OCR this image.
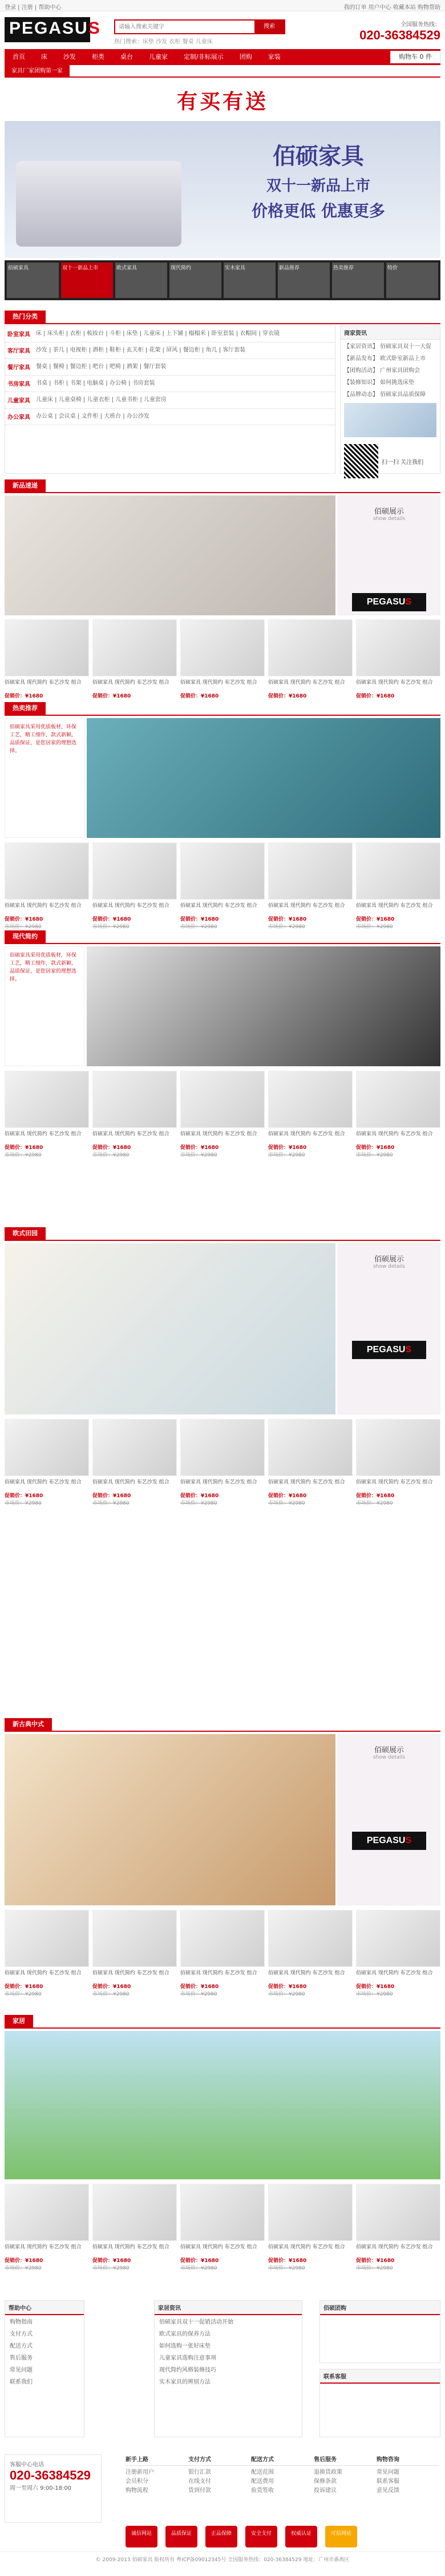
登录 | 注册 | 帮助中心	我的订单 用户中心 收藏本站 购物帮助
PEGASUS
请输入搜索关键字	搜索
热门搜索：床垫 沙发 衣柜 餐桌 儿童床
全国服务热线：
020-36384529
首页	床	沙发	柜类	桌台	儿童家	定制/非标展示	团购	家装	购物车 0 件
家具厂家团购第一家
有买有送
佰硕家具
双十一新品上市
价格更低 优惠更多
佰硕家具	双十一新品上市	欧式家具	现代简约	实木家具	新品推荐	热卖推荐	特价
热门分类
卧室家具	床 | 床头柜 | 衣柜 | 梳妆台 | 斗柜 | 床垫 | 儿童床 | 上下铺 | 榻榻米 | 卧室套装 | 衣帽间 | 穿衣镜
客厅家具	沙发 | 茶几 | 电视柜 | 酒柜 | 鞋柜 | 玄关柜 | 花架 | 屏风 | 餐边柜 | 角几 | 客厅套装
餐厅家具	餐桌 | 餐椅 | 餐边柜 | 吧台 | 吧椅 | 酒架 | 餐厅套装
书房家具	书桌 | 书柜 | 书架 | 电脑桌 | 办公椅 | 书房套装
儿童家具	儿童床 | 儿童桌椅 | 儿童衣柜 | 儿童书柜 | 儿童套房
办公家具	办公桌 | 会议桌 | 文件柜 | 大班台 | 办公沙发
商家资讯
【家居资讯】 佰硕家具双十一大促
【新品发布】 欧式卧室新品上市
【团购活动】 广州家具团购会
【装修知识】 如何挑选床垫
【品牌动态】 佰硕家具品质保障
扫一扫 关注我们
新品速递
佰硕展示
show details
PEGASUS
佰硕家具 现代简约 布艺沙发 组合
促销价：¥1680
佰硕家具 现代简约 布艺沙发 组合
促销价：¥1680
佰硕家具 现代简约 布艺沙发 组合
促销价：¥1680
佰硕家具 现代简约 布艺沙发 组合
促销价：¥1680
佰硕家具 现代简约 布艺沙发 组合
促销价：¥1680
热卖推荐
佰硕家具采用优质板材，环保工艺，精工细作，款式新颖，品质保证，是您居家的理想选择。
佰硕家具 现代简约 布艺沙发 组合
促销价：¥1680
市场价：¥2980
佰硕家具 现代简约 布艺沙发 组合
促销价：¥1680
市场价：¥2980
佰硕家具 现代简约 布艺沙发 组合
促销价：¥1680
市场价：¥2980
佰硕家具 现代简约 布艺沙发 组合
促销价：¥1680
市场价：¥2980
佰硕家具 现代简约 布艺沙发 组合
促销价：¥1680
市场价：¥2980
现代简约
佰硕家具采用优质板材，环保工艺，精工细作，款式新颖，品质保证，是您居家的理想选择。
佰硕家具 现代简约 布艺沙发 组合
促销价：¥1680
市场价：¥2980
佰硕家具 现代简约 布艺沙发 组合
促销价：¥1680
市场价：¥2980
佰硕家具 现代简约 布艺沙发 组合
促销价：¥1680
市场价：¥2980
佰硕家具 现代简约 布艺沙发 组合
促销价：¥1680
市场价：¥2980
佰硕家具 现代简约 布艺沙发 组合
促销价：¥1680
市场价：¥2980
欧式田园
佰硕展示
show details
PEGASUS
佰硕家具 现代简约 布艺沙发 组合
促销价：¥1680
市场价：¥2980
佰硕家具 现代简约 布艺沙发 组合
促销价：¥1680
市场价：¥2980
佰硕家具 现代简约 布艺沙发 组合
促销价：¥1680
市场价：¥2980
佰硕家具 现代简约 布艺沙发 组合
促销价：¥1680
市场价：¥2980
佰硕家具 现代简约 布艺沙发 组合
促销价：¥1680
市场价：¥2980
新古典中式
佰硕展示
show details
PEGASUS
佰硕家具 现代简约 布艺沙发 组合
促销价：¥1680
市场价：¥2980
佰硕家具 现代简约 布艺沙发 组合
促销价：¥1680
市场价：¥2980
佰硕家具 现代简约 布艺沙发 组合
促销价：¥1680
市场价：¥2980
佰硕家具 现代简约 布艺沙发 组合
促销价：¥1680
市场价：¥2980
佰硕家具 现代简约 布艺沙发 组合
促销价：¥1680
市场价：¥2980
家居
佰硕家具 现代简约 布艺沙发 组合
促销价：¥1680
市场价：¥2980
佰硕家具 现代简约 布艺沙发 组合
促销价：¥1680
市场价：¥2980
佰硕家具 现代简约 布艺沙发 组合
促销价：¥1680
市场价：¥2980
佰硕家具 现代简约 布艺沙发 组合
促销价：¥1680
市场价：¥2980
佰硕家具 现代简约 布艺沙发 组合
促销价：¥1680
市场价：¥2980
帮助中心
购物指南
支付方式
配送方式
售后服务
常见问题
联系我们
家居资讯
佰硕家具双十一促销活动开始
欧式家具的保养方法
如何选购一张好床垫
儿童家具选购注意事项
现代简约风格装修技巧
实木家具的辨别方法
佰硕团购
联系客服
客服中心电话
020-36384529
周一至周六 9:00-18:00
新手上路
注册新用户
会员积分
购物流程
支付方式
银行汇款
在线支付
货到付款
配送方式
配送范围
配送费用
验货签收
售后服务
退换货政策
保修条款
投诉建议
购物咨询
常见问题
联系客服
意见反馈
诚信网站	品质保证	正品保障	安全支付	权威认证	可信网站
© 2009-2013 佰硕家具 版权所有 粤ICP备09012345号 全国服务热线：020-36384529 地址：广州市番禺区
